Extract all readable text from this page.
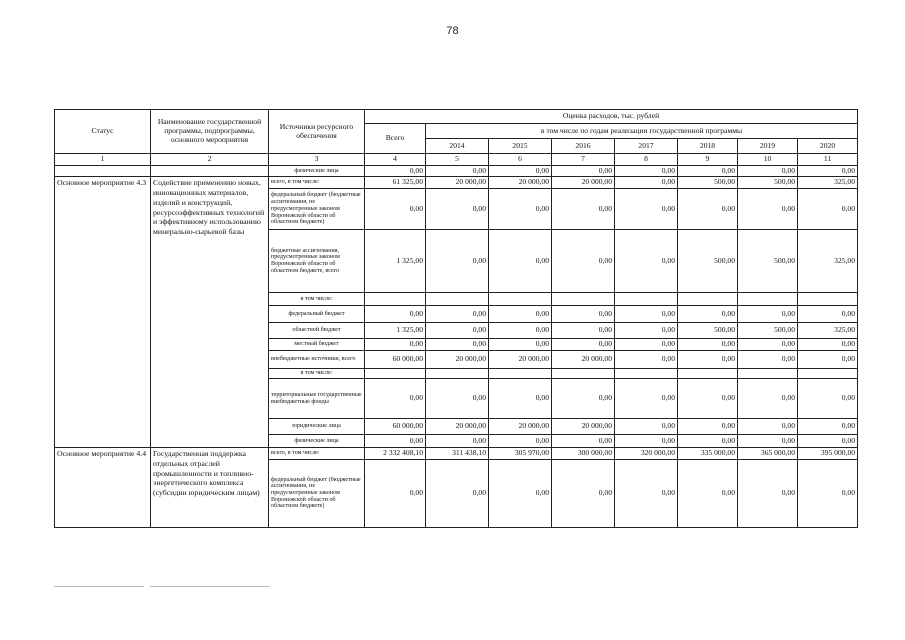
78
Статус	Наименование государственной программы, подпрограммы, основного мероприятия	Источники ресурсного обеспечения	Оценка расходов, тыс. рублей							
			Всего	в том числе по годам реализации государственной программы						
				2014	2015	2016	2017	2018	2019	2020
1	2	3	4	5	6	7	8	9	10	11
		физические лица	0,00	0,00	0,00	0,00	0,00	0,00	0,00	0,00
Основное мероприятие 4.3	Содействие применению новых, инновационных материалов, изделий и конструкций, ресурсоэффективных технологий и эффективному использованию минерально-сырьевой базы	всего, в том числе:	61 325,00	20 000,00	20 000,00	20 000,00	0,00	500,00	500,00	325,00
		федеральный бюджет (бюджетные ассигнования, не предусмотренные законом Воронежской области об областном бюджете)	0,00	0,00	0,00	0,00	0,00	0,00	0,00	0,00
		бюджетные ассигнования, предусмотренные законом Воронежской области об областном бюджете, всего	1 325,00	0,00	0,00	0,00	0,00	500,00	500,00	325,00
		в том числе:								
		федеральный бюджет	0,00	0,00	0,00	0,00	0,00	0,00	0,00	0,00
		областной бюджет	1 325,00	0,00	0,00	0,00	0,00	500,00	500,00	325,00
		местный бюджет	0,00	0,00	0,00	0,00	0,00	0,00	0,00	0,00
		внебюджетные источники, всего	60 000,00	20 000,00	20 000,00	20 000,00	0,00	0,00	0,00	0,00
		в том числе:								
		территориальные государственные внебюджетные фонды	0,00	0,00	0,00	0,00	0,00	0,00	0,00	0,00
		юридические лица	60 000,00	20 000,00	20 000,00	20 000,00	0,00	0,00	0,00	0,00
		физические лица	0,00	0,00	0,00	0,00	0,00	0,00	0,00	0,00
Основное мероприятие 4.4	Государственная поддержка отдельных отраслей промышленности и топливно-энергетического комплекса (субсидии юридическим лицам)	всего, в том числе:	2 332 408,10	311 438,10	305 970,00	300 000,00	320 000,00	335 000,00	365 000,00	395 000,00
		федеральный бюджет (бюджетные ассигнования, не предусмотренные законом Воронежской области об областном бюджете)	0,00	0,00	0,00	0,00	0,00	0,00	0,00	0,00
